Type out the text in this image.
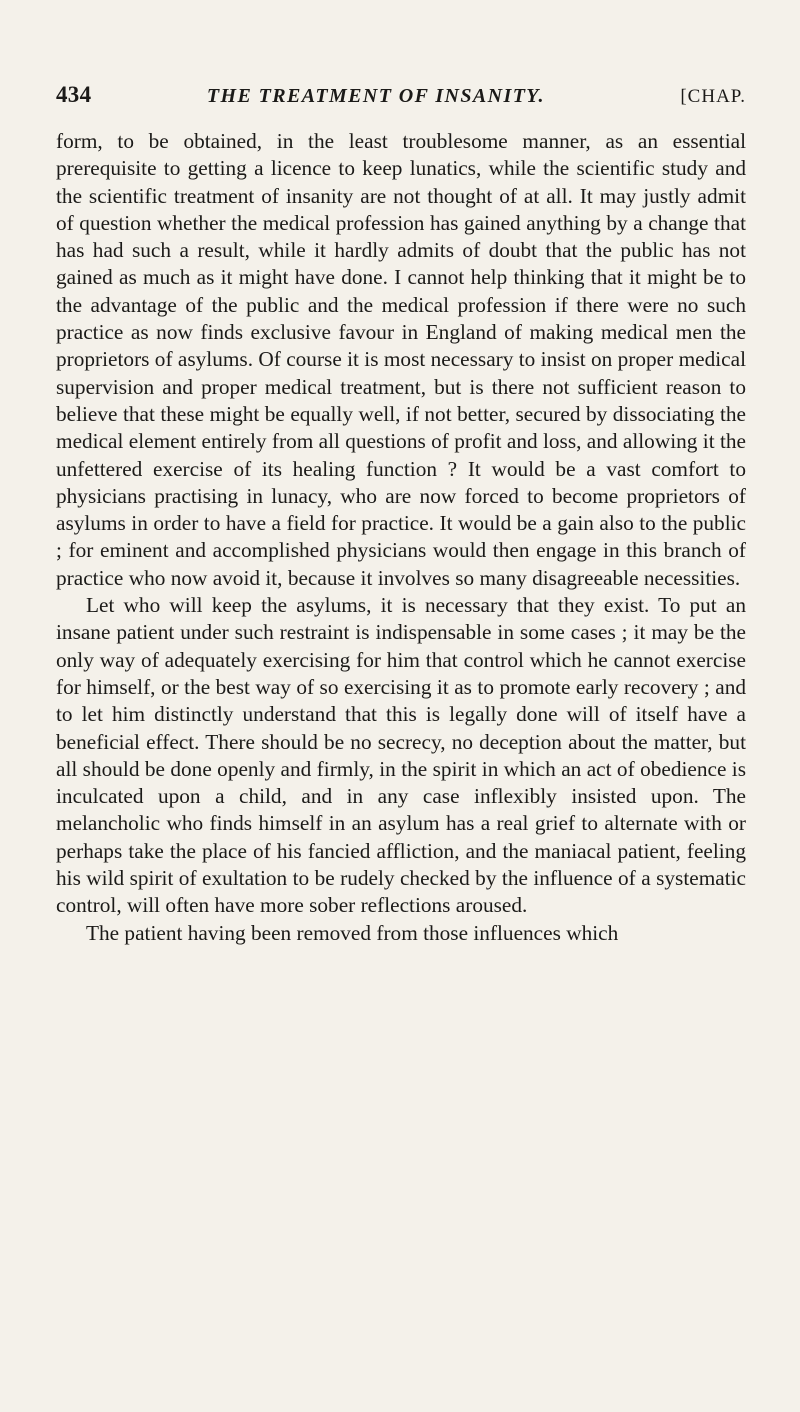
434	THE TREATMENT OF INSANITY.	[CHAP.

form, to be obtained, in the least troublesome manner, as an essential prerequisite to getting a licence to keep lunatics, while the scientific study and the scientific treatment of insanity are not thought of at all. It may justly admit of question whether the medical profession has gained anything by a change that has had such a result, while it hardly admits of doubt that the public has not gained as much as it might have done. I cannot help thinking that it might be to the advantage of the public and the medical profession if there were no such practice as now finds exclusive favour in England of making medical men the proprietors of asylums. Of course it is most necessary to insist on proper medical supervision and proper medical treatment, but is there not sufficient reason to believe that these might be equally well, if not better, secured by dissociating the medical element entirely from all questions of profit and loss, and allowing it the unfettered exercise of its healing function ? It would be a vast comfort to physicians practising in lunacy, who are now forced to become proprietors of asylums in order to have a field for practice. It would be a gain also to the public ; for eminent and accomplished physicians would then engage in this branch of practice who now avoid it, because it involves so many disagreeable necessities.

Let who will keep the asylums, it is necessary that they exist. To put an insane patient under such restraint is indispensable in some cases ; it may be the only way of adequately exercising for him that control which he cannot exercise for himself, or the best way of so exercising it as to promote early recovery ; and to let him distinctly understand that this is legally done will of itself have a beneficial effect. There should be no secrecy, no deception about the matter, but all should be done openly and firmly, in the spirit in which an act of obedience is inculcated upon a child, and in any case inflexibly insisted upon. The melancholic who finds himself in an asylum has a real grief to alternate with or perhaps take the place of his fancied affliction, and the maniacal patient, feeling his wild spirit of exultation to be rudely checked by the influence of a systematic control, will often have more sober reflections aroused.

The patient having been removed from those influences which
